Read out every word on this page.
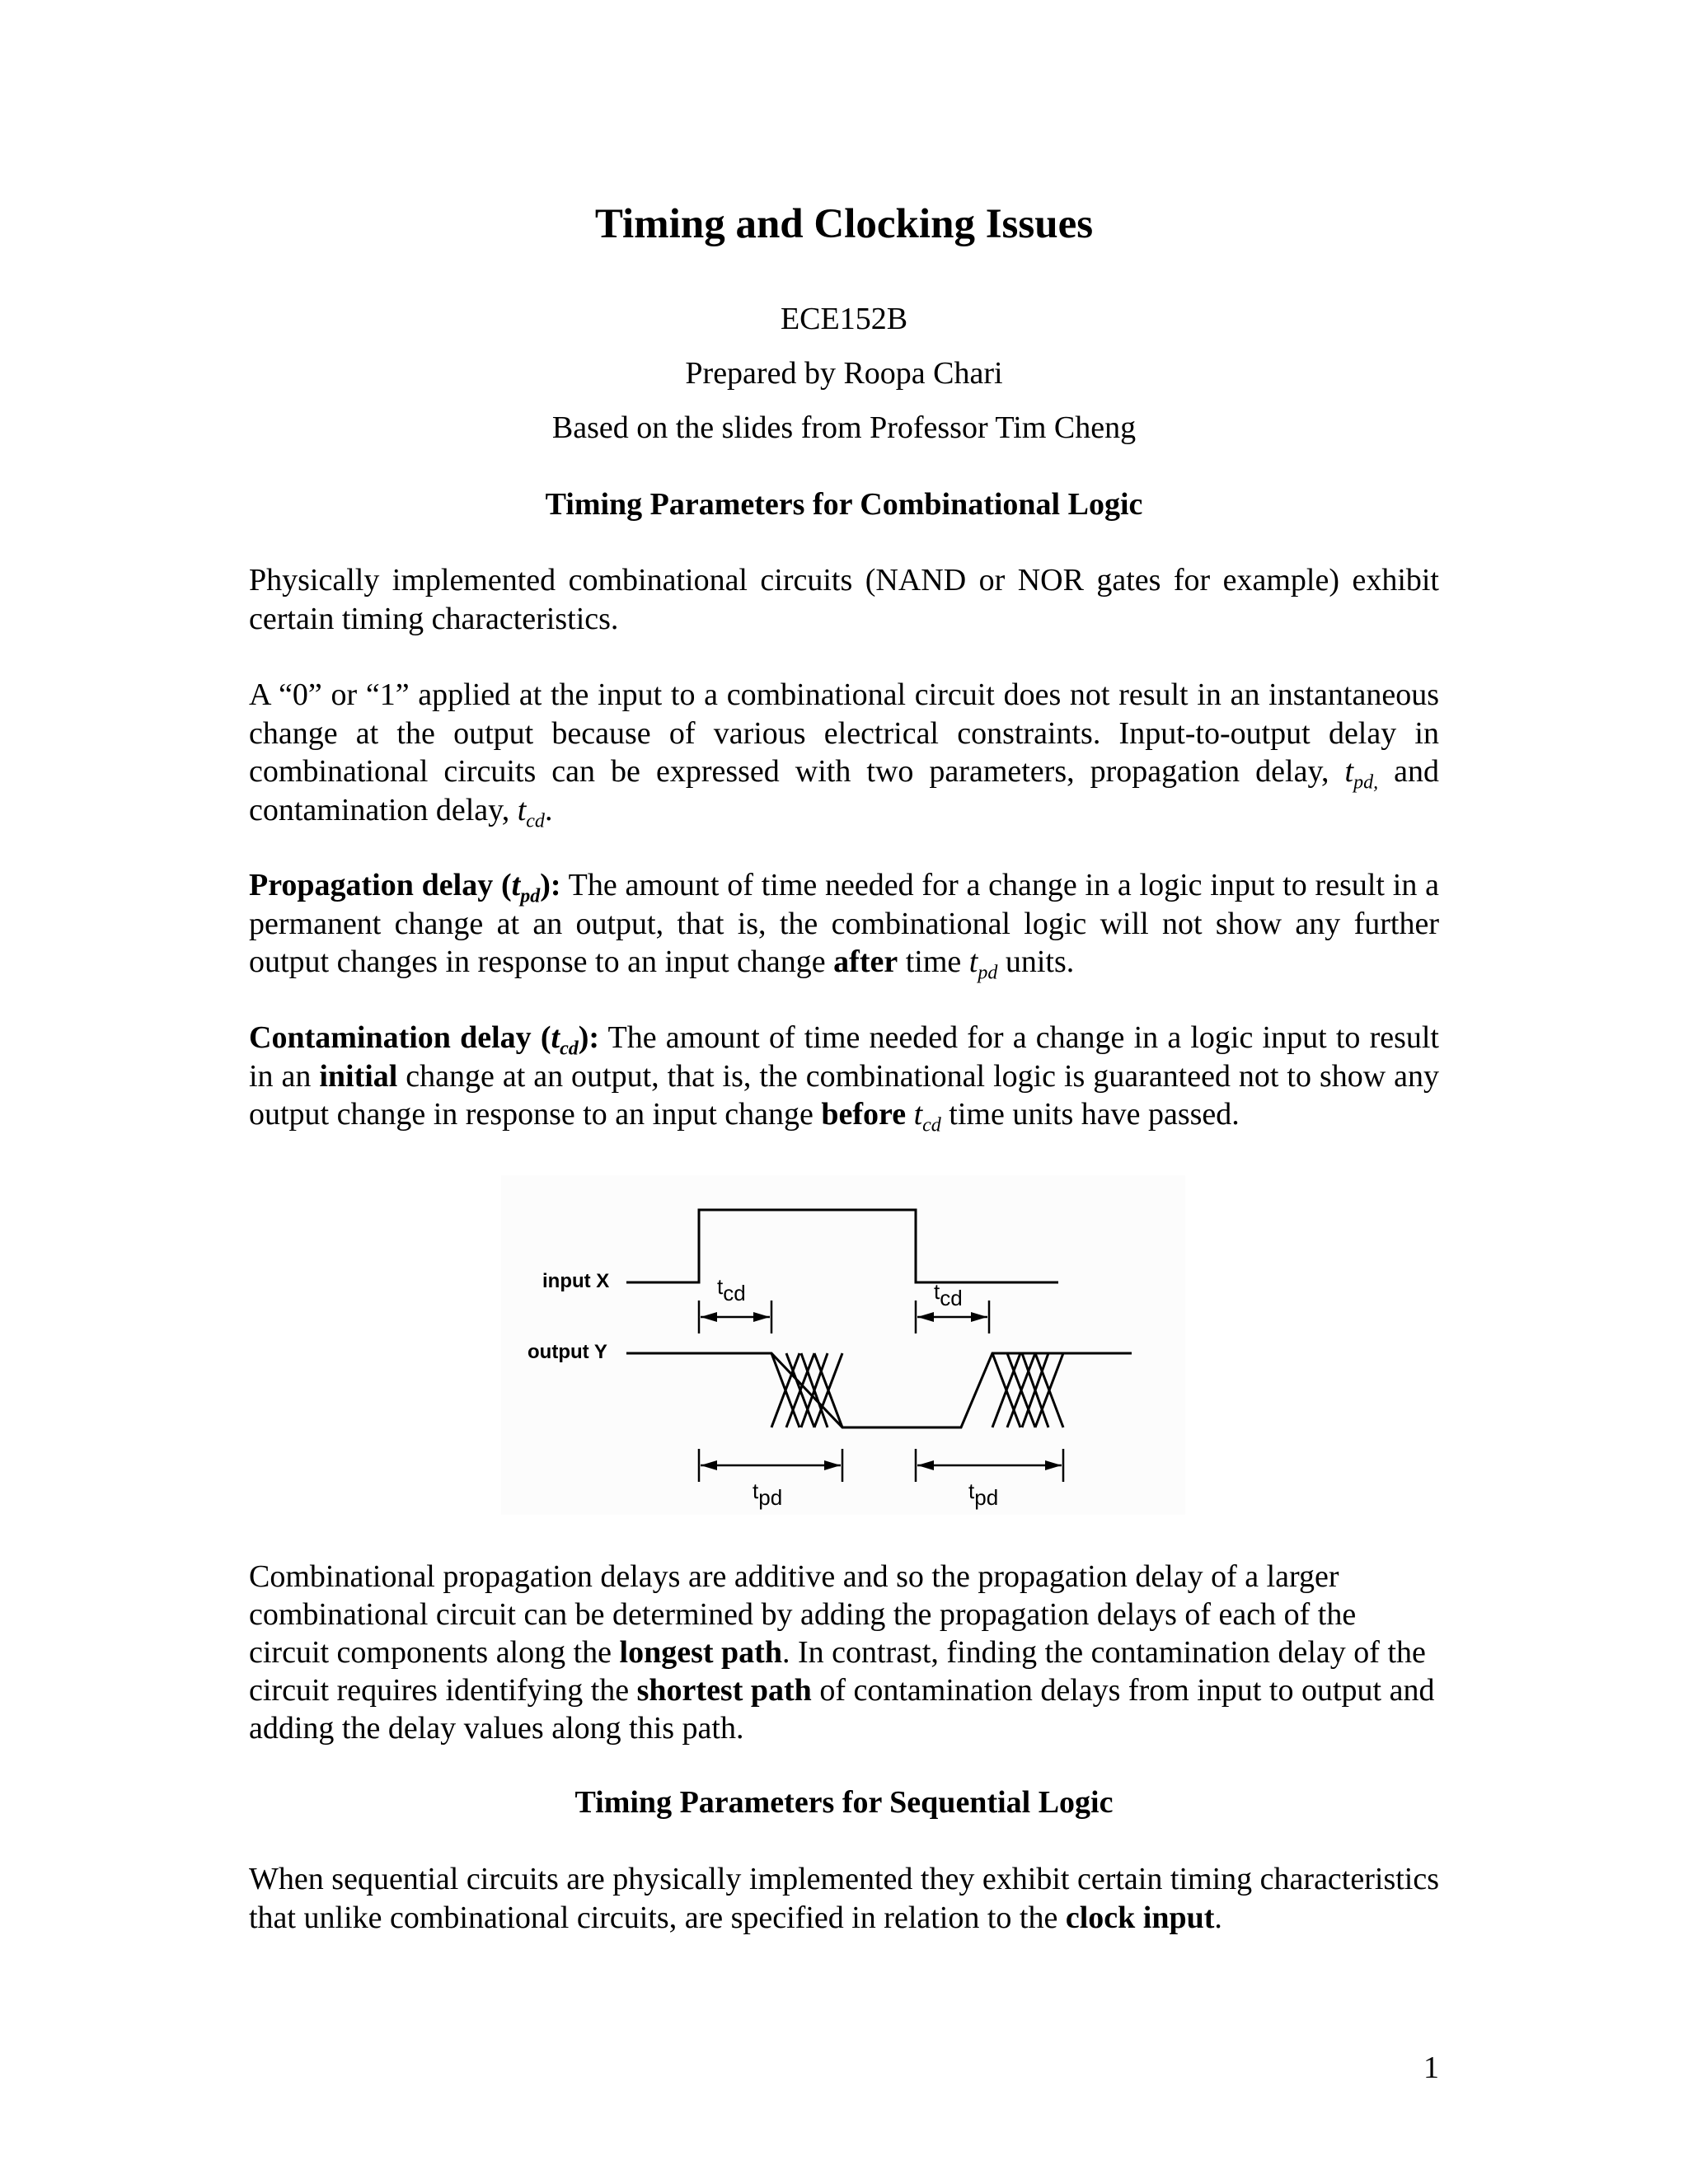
Timing and Clocking Issues
ECE152B
Prepared by Roopa Chari
Based on the slides from Professor Tim Cheng
Timing Parameters for Combinational Logic
Physically implemented combinational circuits (NAND or NOR gates for example) exhibit certain timing characteristics.
A “0” or “1” applied at the input to a combinational circuit does not result in an instantaneous change at the output because of various electrical constraints. Input-to-output delay in combinational circuits can be expressed with two parameters, propagation delay, $t_{pd,}$ and contamination delay, $t_{cd}$.
Propagation delay $(t_{pd})$: The amount of time needed for a change in a logic input to result in a permanent change at an output, that is, the combinational logic will not show any further output changes in response to an input change after time $t_{pd}$ units.
Contamination delay $(t_{cd})$: The amount of time needed for a change in a logic input to result in an initial change at an output, that is, the combinational logic is guaranteed not to show any output change in response to an input change before $t_{cd}$ time units have passed.
input X
output Y
tcd	tcd
tpd	tpd
Combinational propagation delays are additive and so the propagation delay of a larger combinational circuit can be determined by adding the propagation delays of each of the circuit components along the longest path. In contrast, finding the contamination delay of the circuit requires identifying the shortest path of contamination delays from input to output and adding the delay values along this path.
Timing Parameters for Sequential Logic
When sequential circuits are physically implemented they exhibit certain timing characteristics that unlike combinational circuits, are specified in relation to the clock input.
1
